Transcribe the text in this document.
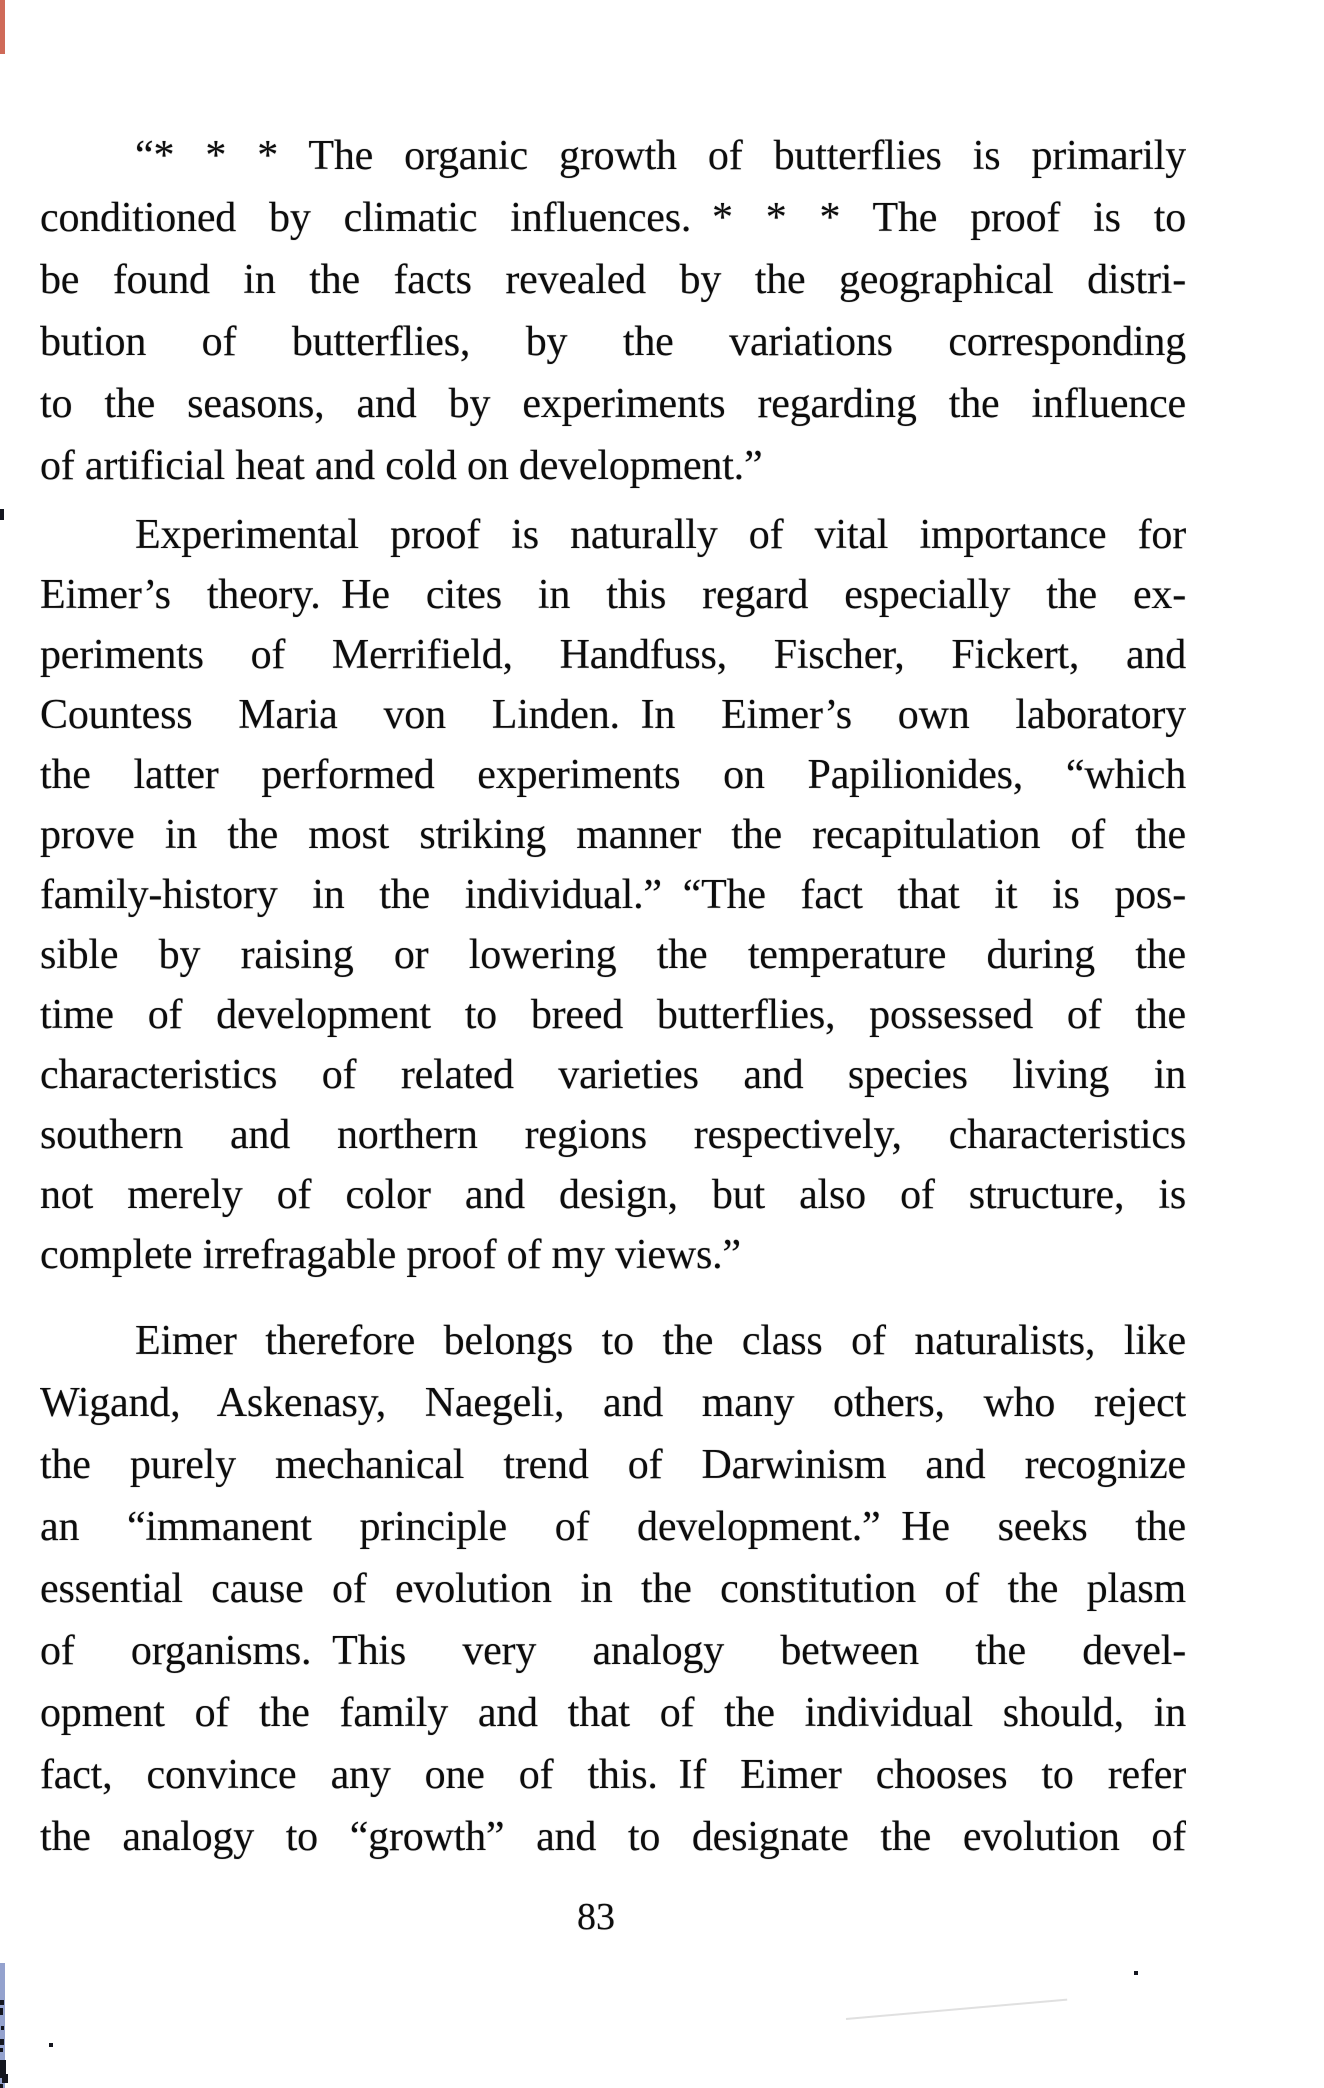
“* * * The organic growth of butterflies is primarily
conditioned by climatic influences. * * * The proof is to
be found in the facts revealed by the geographical distri-
bution of butterflies, by the variations corresponding
to the seasons, and by experiments regarding the influence
of artificial heat and cold on development.”
Experimental proof is naturally of vital importance for
Eimer’s theory. He cites in this regard especially the ex-
periments of Merrifield, Handfuss, Fischer, Fickert, and
Countess Maria von Linden. In Eimer’s own laboratory
the latter performed experiments on Papilionides, “which
prove in the most striking manner the recapitulation of the
family-history in the individual.” “The fact that it is pos-
sible by raising or lowering the temperature during the
time of development to breed butterflies, possessed of the
characteristics of related varieties and species living in
southern and northern regions respectively, characteristics
not merely of color and design, but also of structure, is
complete irrefragable proof of my views.”
Eimer therefore belongs to the class of naturalists, like
Wigand, Askenasy, Naegeli, and many others, who reject
the purely mechanical trend of Darwinism and recognize
an “immanent principle of development.” He seeks the
essential cause of evolution in the constitution of the plasm
of organisms. This very analogy between the devel-
opment of the family and that of the individual should, in
fact, convince any one of this. If Eimer chooses to refer
the analogy to “growth” and to designate the evolution of
83
